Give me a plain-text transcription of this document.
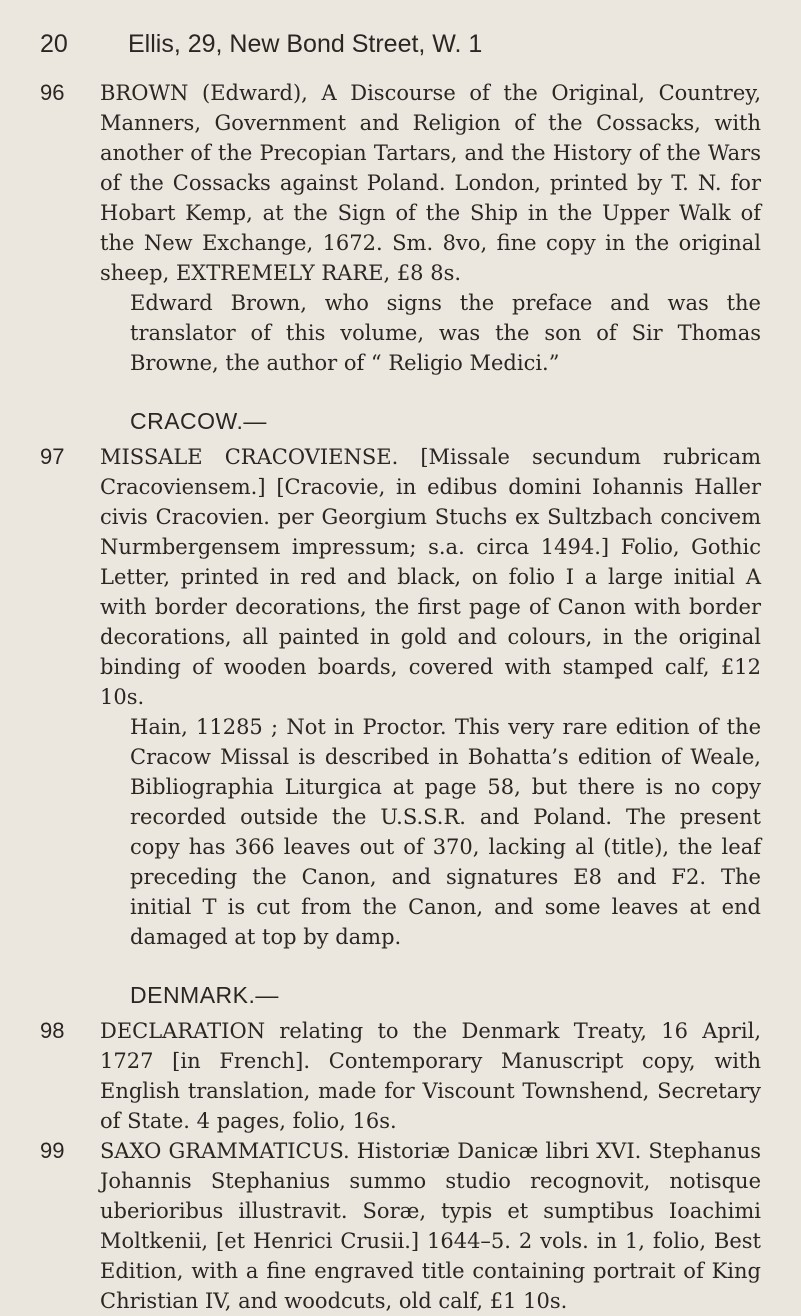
20 Ellis, 29, New Bond Street, W. 1
96	BROWN (Edward), A Discourse of the Original, Countrey, Manners, Government and Religion of the Cossacks, with another of the Precopian Tartars, and the History of the Wars of the Cossacks against Poland. London, printed by T. N. for Hobart Kemp, at the Sign of the Ship in the Upper Walk of the New Exchange, 1672. Sm. 8vo, fine copy in the original sheep, EXTREMELY RARE, £8 8s.

Edward Brown, who signs the preface and was the translator of this volume, was the son of Sir Thomas Browne, the author of “ Religio Medici.”

CRACOW.—
97	MISSALE CRACOVIENSE. [Missale secundum rubricam Cracoviensem.] [Cracovie, in edibus domini Iohannis Haller civis Cracovien. per Georgium Stuchs ex Sultzbach concivem Nurmbergensem impressum; s.a. circa 1494.] Folio, Gothic Letter, printed in red and black, on folio I a large initial A with border decorations, the first page of Canon with border decorations, all painted in gold and colours, in the original binding of wooden boards, covered with stamped calf, £12 10s.

Hain, 11285 ; Not in Proctor. This very rare edition of the Cracow Missal is described in Bohatta’s edition of Weale, Bibliographia Liturgica at page 58, but there is no copy recorded outside the U.S.S.R. and Poland. The present copy has 366 leaves out of 370, lacking al (title), the leaf preceding the Canon, and signatures E8 and F2. The initial T is cut from the Canon, and some leaves at end damaged at top by damp.

DENMARK.—
98	DECLARATION relating to the Denmark Treaty, 16 April, 1727 [in French]. Contemporary Manuscript copy, with English translation, made for Viscount Townshend, Secretary of State. 4 pages, folio, 16s.

99	SAXO GRAMMATICUS. Historiæ Danicæ libri XVI. Stephanus Johannis Stephanius summo studio recognovit, notisque uberioribus illustravit. Soræ, typis et sumptibus Ioachimi Moltkenii, [et Henrici Crusii.] 1644–5. 2 vols. in 1, folio, Best Edition, with a fine engraved title containing portrait of King Christian IV, and woodcuts, old calf, £1 10s.
